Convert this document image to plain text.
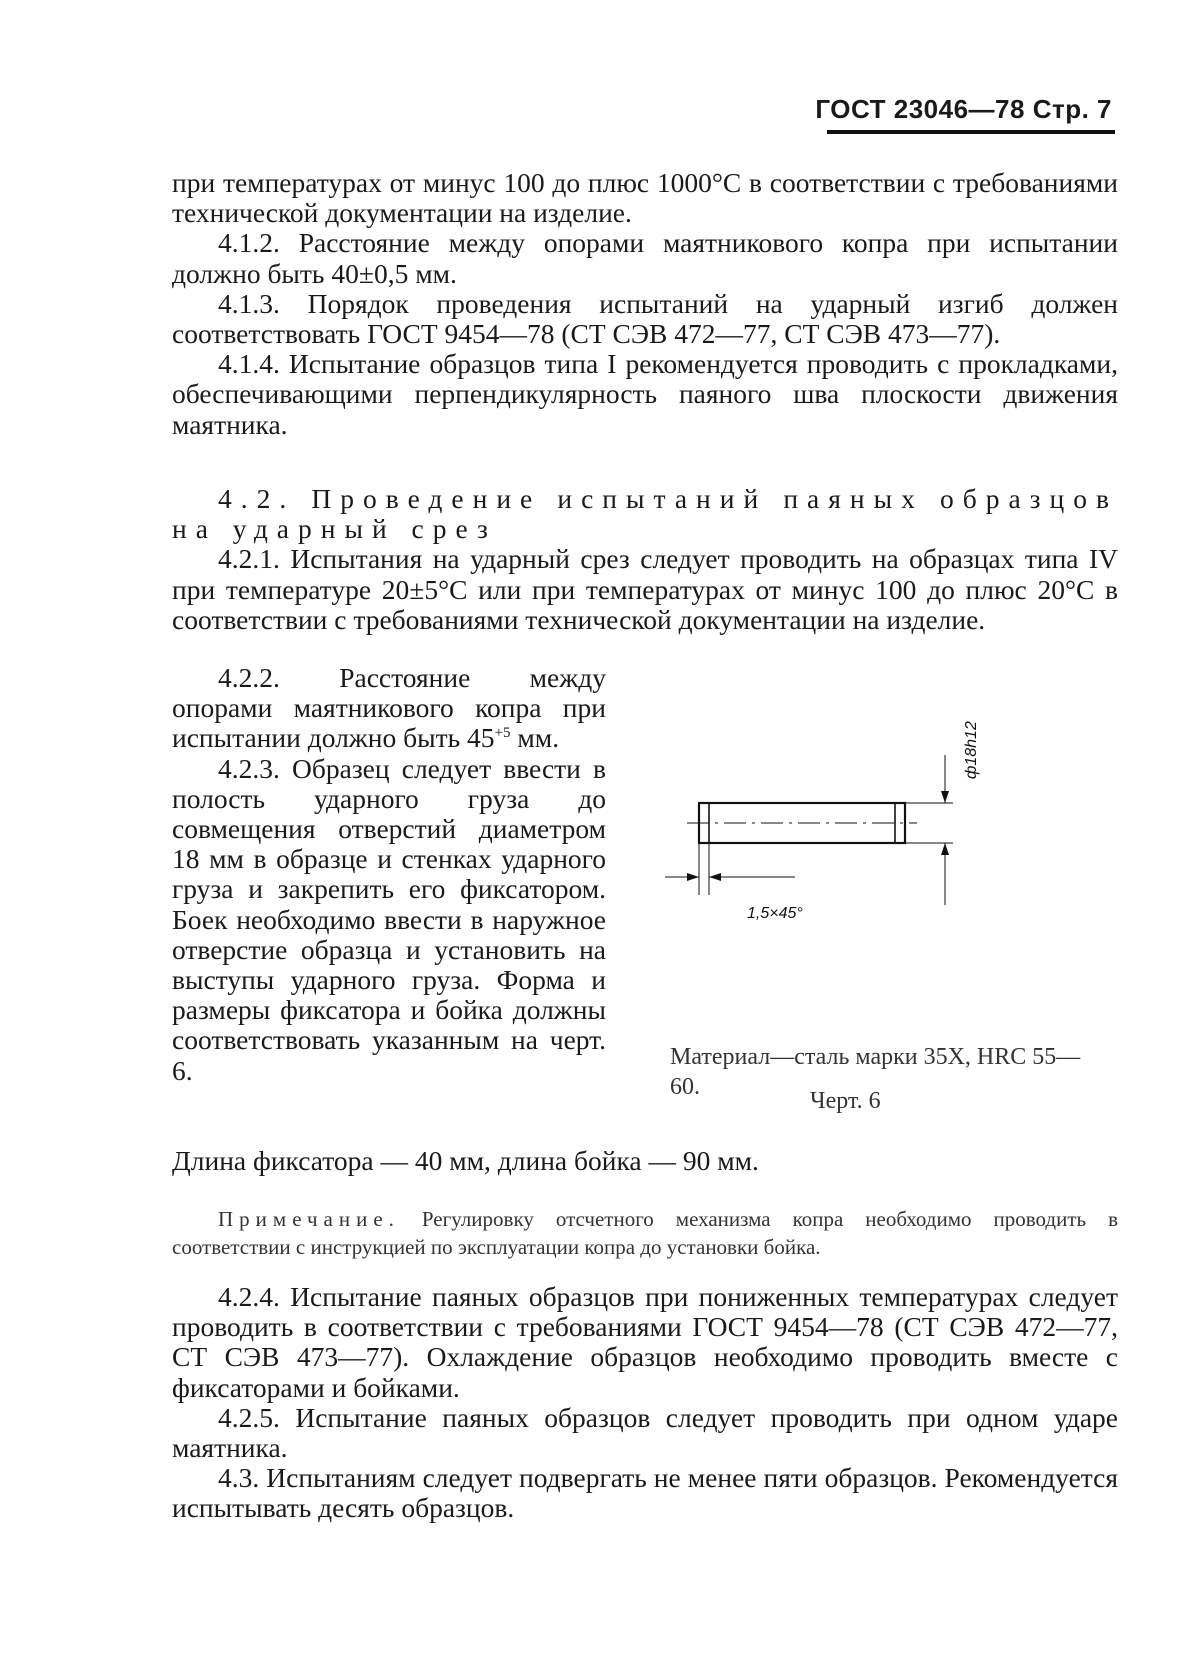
ГОСТ 23046—78 Стр. 7

при температурах от минус 100 до плюс 1000°С в соответствии с требованиями технической документации на изделие.

4.1.2. Расстояние между опорами маятникового копра при испытании должно быть 40±0,5 мм.

4.1.3. Порядок проведения испытаний на ударный изгиб должен соответствовать ГОСТ 9454—78 (СТ СЭВ 472—77, СТ СЭВ 473—77).

4.1.4. Испытание образцов типа I рекомендуется проводить с прокладками, обеспечивающими перпендикулярность паяного шва плоскости движения маятника.

4.2. Проведение испытаний паяных образцов на ударный срез

4.2.1. Испытания на ударный срез следует проводить на образцах типа IV при температуре 20±5°С или при температурах от минус 100 до плюс 20°С в соответствии с требованиями технической документации на изделие.

4.2.2. Расстояние между опорами маятникового копра при испытании должно быть $45^{+5}$ мм.

4.2.3. Образец следует ввести в полость ударного груза до совмещения отверстий диаметром 18 мм в образце и стенках ударного груза и закрепить его фиксатором. Боек необходимо ввести в наружное отверстие образца и установить на выступы ударного груза. Форма и размеры фиксатора и бойка должны соответствовать указанным на черт. 6.

ф18h12
1,5×45°

Материал—сталь марки 35Х, HRC 55—60.

Черт. 6
Длина фиксатора — 40 мм, длина бойка — 90 мм.

Примечание. Регулировку отсчетного механизма копра необходимо проводить в соответствии с инструкцией по эксплуатации копра до установки бойка.

4.2.4. Испытание паяных образцов при пониженных температурах следует проводить в соответствии с требованиями ГОСТ 9454—78 (СТ СЭВ 472—77, СТ СЭВ 473—77). Охлаждение образцов необходимо проводить вместе с фиксаторами и бойками.

4.2.5. Испытание паяных образцов следует проводить при одном ударе маятника.

4.3. Испытаниям следует подвергать не менее пяти образцов. Рекомендуется испытывать десять образцов.
